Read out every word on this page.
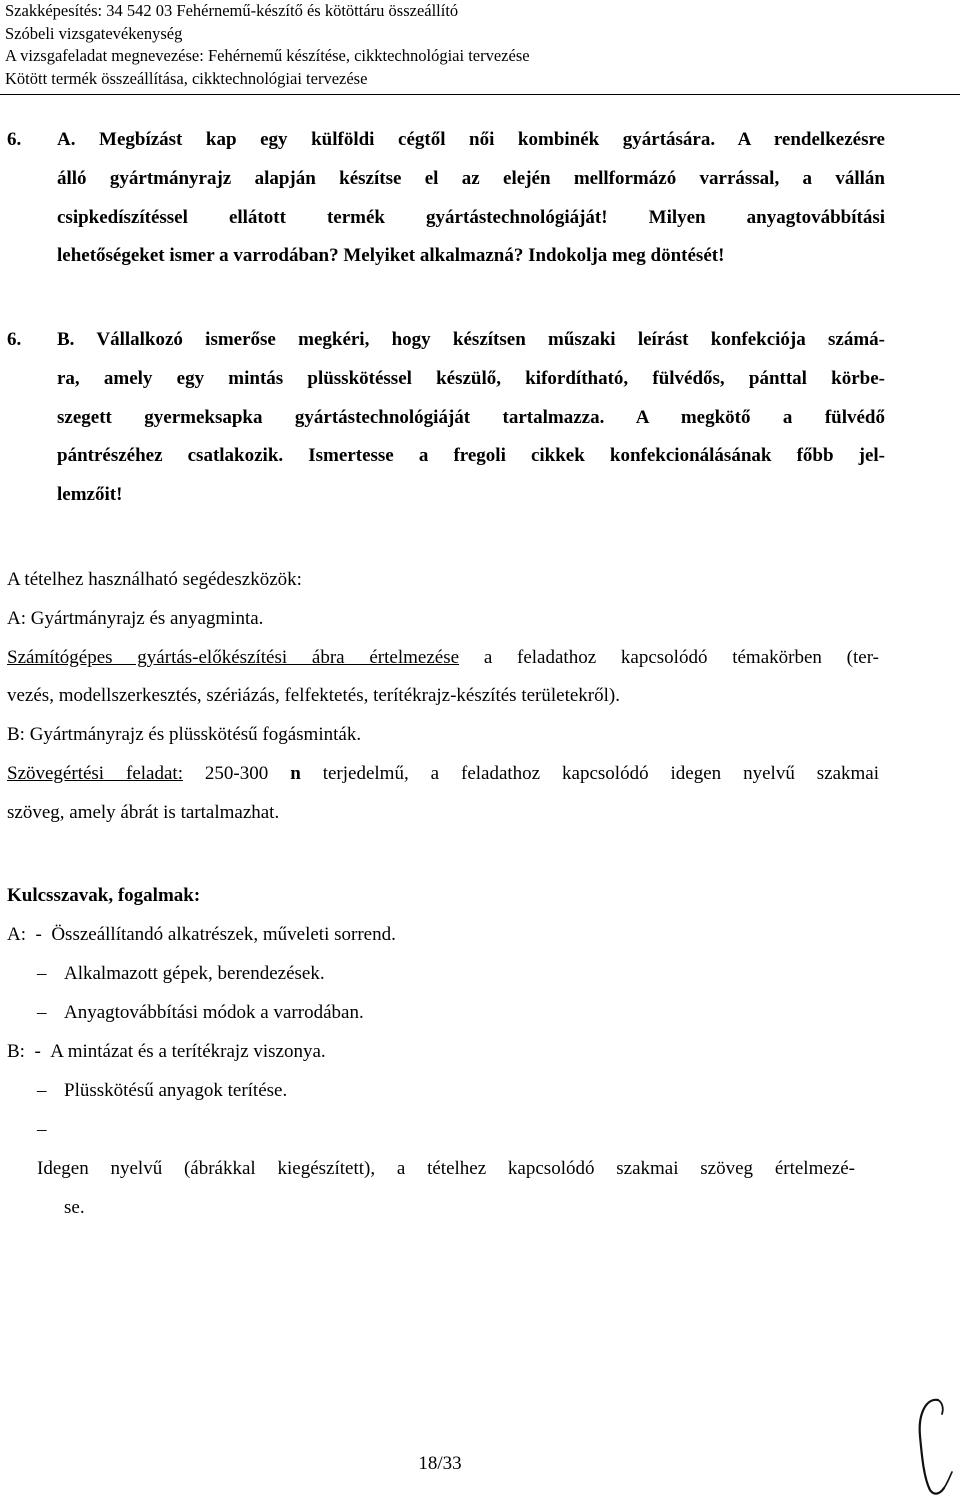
Szakképesítés: 34 542 03 Fehérnemű-készítő és kötöttáru összeállító
Szóbeli vizsgatevékenység
A vizsgafeladat megnevezése: Fehérnemű készítése, cikktechnológiai tervezése
Kötött termék összeállítása, cikktechnológiai tervezése
6. A. Megbízást kap egy külföldi cégtől női kombinék gyártására. A rendelkezésre
álló gyártmányrajz alapján készítse el az elején mellformázó varrással, a vállán
csipkedíszítéssel ellátott termék gyártástechnológiáját! Milyen anyagtovábbítási
lehetőségeket ismer a varrodában? Melyiket alkalmazná? Indokolja meg döntését!
6. B. Vállalkozó ismerőse megkéri, hogy készítsen műszaki leírást konfekciója számá-
ra, amely egy mintás plüsskötéssel készülő, kifordítható, fülvédős, pánttal körbe-
szegett gyermeksapka gyártástechnológiáját tartalmazza. A megkötő a fülvédő
pántrészéhez csatlakozik. Ismertesse a fregoli cikkek konfekcionálásának főbb jel-
lemzőit!
A tételhez használható segédeszközök:
A: Gyártmányrajz és anyagminta.
Számítógépes gyártás-előkészítési ábra értelmezése a feladathoz kapcsolódó témakörben (ter-
vezés, modellszerkesztés, szériázás, felfektetés, terítékrajz-készítés területekről).
B: Gyártmányrajz és plüsskötésű fogásminták.
Szövegértési feladat: 250-300 n terjedelmű, a feladathoz kapcsolódó idegen nyelvű szakmai
szöveg, amely ábrát is tartalmazhat.
Kulcsszavak, fogalmak:
A: - Összeállítandó alkatrészek, műveleti sorrend.
– Alkalmazott gépek, berendezések.
– Anyagtovábbítási módok a varrodában.
B: - A mintázat és a terítékrajz viszonya.
– Plüsskötésű anyagok terítése.
–Idegen nyelvű (ábrákkal kiegészített), a tételhez kapcsolódó szakmai szöveg értelmezé-
se.
18/33
